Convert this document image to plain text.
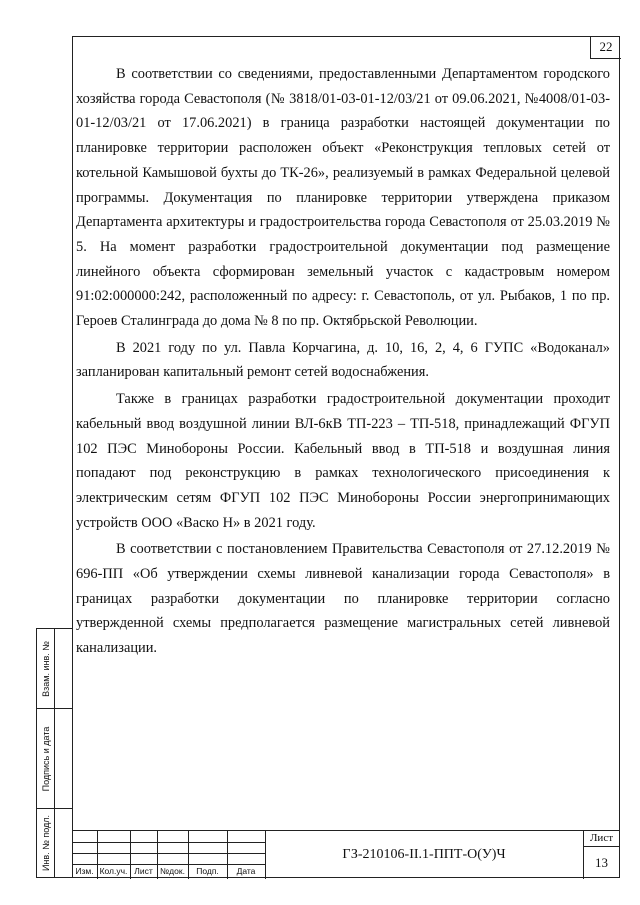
22

В соответствии со сведениями, предоставленными Департаментом городского хозяйства города Севастополя (№ 3818/01-03-01-12/03/21 от 09.06.2021, №4008/01-03-01-12/03/21 от 17.06.2021) в граница разработки настоящей документации по планировке территории расположен объект «Реконструкция тепловых сетей от котельной Камышовой бухты до ТК-26», реализуемый в рамках Федеральной целевой программы. Документация по планировке территории утверждена приказом Департамента архитектуры и градостроительства города Севастополя от 25.03.2019 № 5. На момент разработки градостроительной документации под размещение линейного объекта сформирован земельный участок с кадастровым номером 91:02:000000:242, расположенный по адресу: г. Севастополь, от ул. Рыбаков, 1 по пр. Героев Сталинграда до дома № 8 по пр. Октябрьской Революции.

В 2021 году по ул. Павла Корчагина, д. 10, 16, 2, 4, 6 ГУПС «Водоканал» запланирован капитальный ремонт сетей водоснабжения.

Также в границах разработки градостроительной документации проходит кабельный ввод воздушной линии ВЛ-6кВ ТП-223 – ТП-518, принадлежащий ФГУП 102 ПЭС Минобороны России. Кабельный ввод в ТП-518 и воздушная линия попадают под реконструкцию в рамках технологического присоединения к электрическим сетям ФГУП 102 ПЭС Минобороны России энергопринимающих устройств ООО «Васко Н» в 2021 году.

В соответствии с постановлением Правительства Севастополя от 27.12.2019 № 696-ПП «Об утверждении схемы ливневой канализации города Севастополя» в границах разработки документации по планировке территории согласно утвержденной схемы предполагается размещение магистральных сетей ливневой канализации.

Взам. инв. №
Подпись и дата
Инв. № подл.	Изм. Кол.уч. Лист №док.	Подп.	Дата
ГЗ-210106-II.1-ППТ-О(У)Ч
Лист
13
